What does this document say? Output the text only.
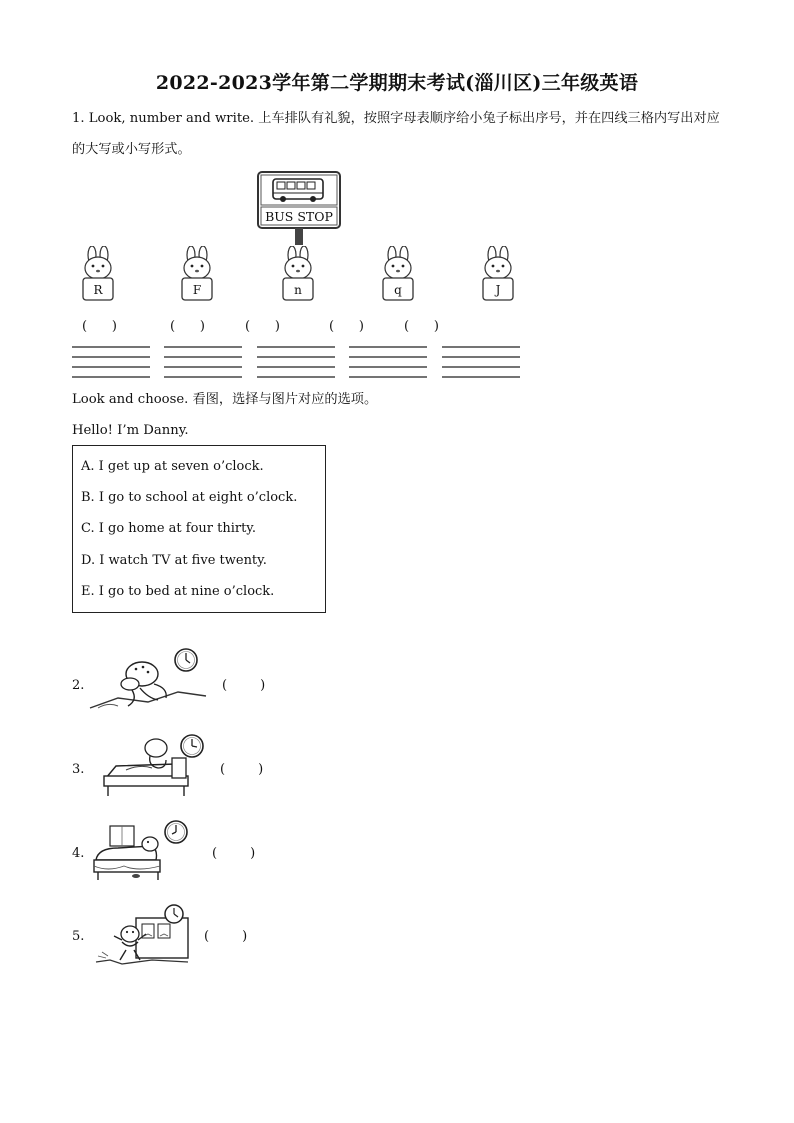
2022-2023学年第二学期期末考试(淄川区)三年级英语
1. Look, number and write. 上车排队有礼貌，按照字母表顺序给小兔子标出序号，并在四线三格内写出对应
的大写或小写形式。
BUS STOP
R	F	n	q	J
(      )	(      )	(      )	(      )	(      )
Look and choose. 看图，选择与图片对应的选项。
Hello! I’m Danny.
A. I get up at seven o’clock.
B. I go to school at eight o’clock.
C. I go home at four thirty.
D. I watch TV at five twenty.
E. I go to bed at nine o’clock.
2.	(        )
3.	(        )
4.	(        )
5.	(        )
